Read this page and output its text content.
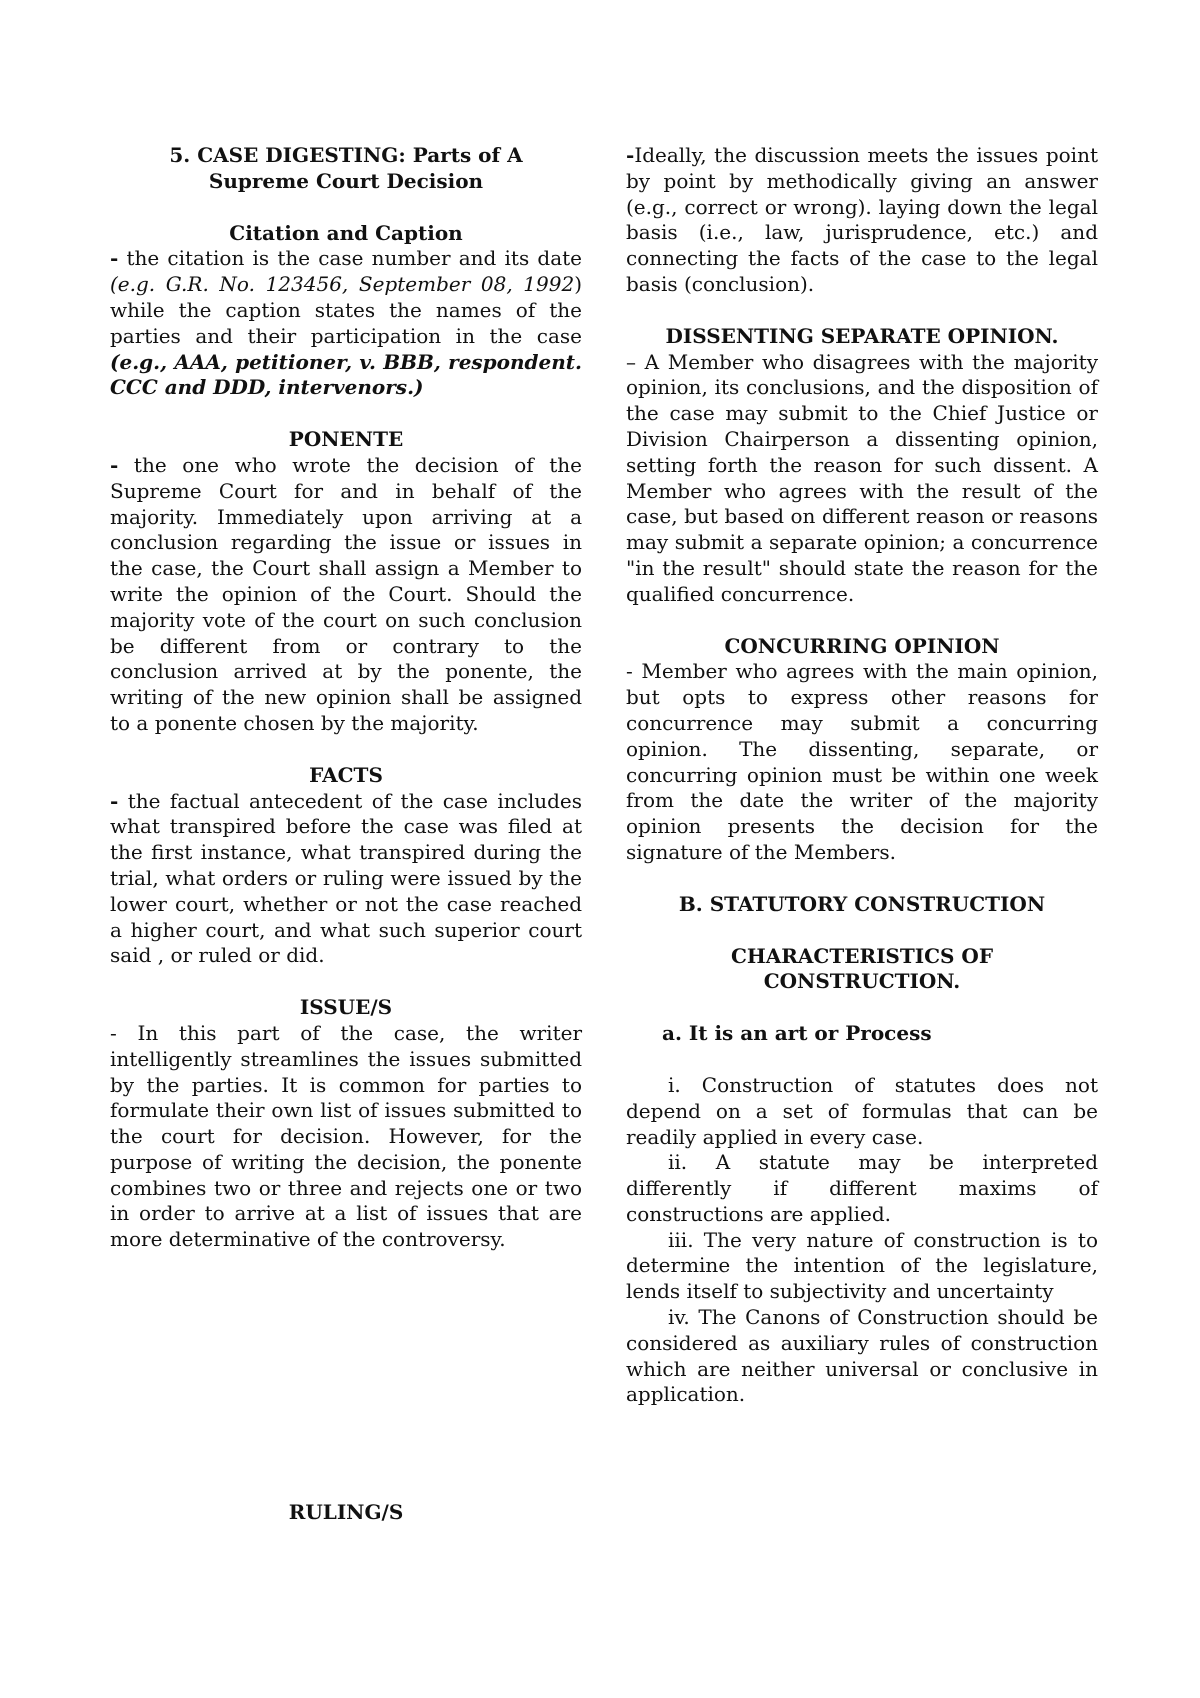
5. CASE DIGESTING: Parts of A
Supreme Court Decision

Citation and Caption

- the citation is the case number and its date (e.g. G.R. No. 123456, September 08, 1992) while the caption states the names of the parties and their participation in the case (e.g., AAA, petitioner, v. BBB, respondent. CCC and DDD, intervenors.)

PONENTE

- the one who wrote the decision of the Supreme Court for and in behalf of the majority. Immediately upon arriving at a conclusion regarding the issue or issues in the case, the Court shall assign a Member to write the opinion of the Court. Should the majority vote of the court on such conclusion be different from or contrary to the conclusion arrived at by the ponente, the writing of the new opinion shall be assigned to a ponente chosen by the majority.

FACTS

- the factual antecedent of the case includes what transpired before the case was filed at the first instance, what transpired during the trial, what orders or ruling were issued by the lower court, whether or not the case reached a higher court, and what such superior court said , or ruled or did.

ISSUE/S

- In this part of the case, the writer intelligently streamlines the issues submitted by the parties. It is common for parties to formulate their own list of issues submitted to the court for decision. However, for the purpose of writing the decision, the ponente combines two or three and rejects one or two in order to arrive at a list of issues that are more determinative of the controversy.

RULING/S

-Ideally, the discussion meets the issues point by point by methodically giving an answer (e.g., correct or wrong). laying down the legal basis (i.e., law, jurisprudence, etc.) and connecting the facts of the case to the legal basis (conclusion).

DISSENTING SEPARATE OPINION.

– A Member who disagrees with the majority opinion, its conclusions, and the disposition of the case may submit to the Chief Justice or Division Chairperson a dissenting opinion, setting forth the reason for such dissent. A Member who agrees with the result of the case, but based on different reason or reasons may submit a separate opinion; a concurrence "in the result" should state the reason for the qualified concurrence.

CONCURRING OPINION

- Member who agrees with the main opinion, but opts to express other reasons for concurrence may submit a concurring opinion. The dissenting, separate, or concurring opinion must be within one week from the date the writer of the majority opinion presents the decision for the signature of the Members.

B. STATUTORY CONSTRUCTION

CHARACTERISTICS OF
CONSTRUCTION.

a. It is an art or Process

i. Construction of statutes does not depend on a set of formulas that can be readily applied in every case.

ii. A statute may be interpreted differently if different maxims of constructions are applied.

iii. The very nature of construction is to determine the intention of the legislature, lends itself to subjectivity and uncertainty

iv. The Canons of Construction should be considered as auxiliary rules of construction which are neither universal or conclusive in application.
